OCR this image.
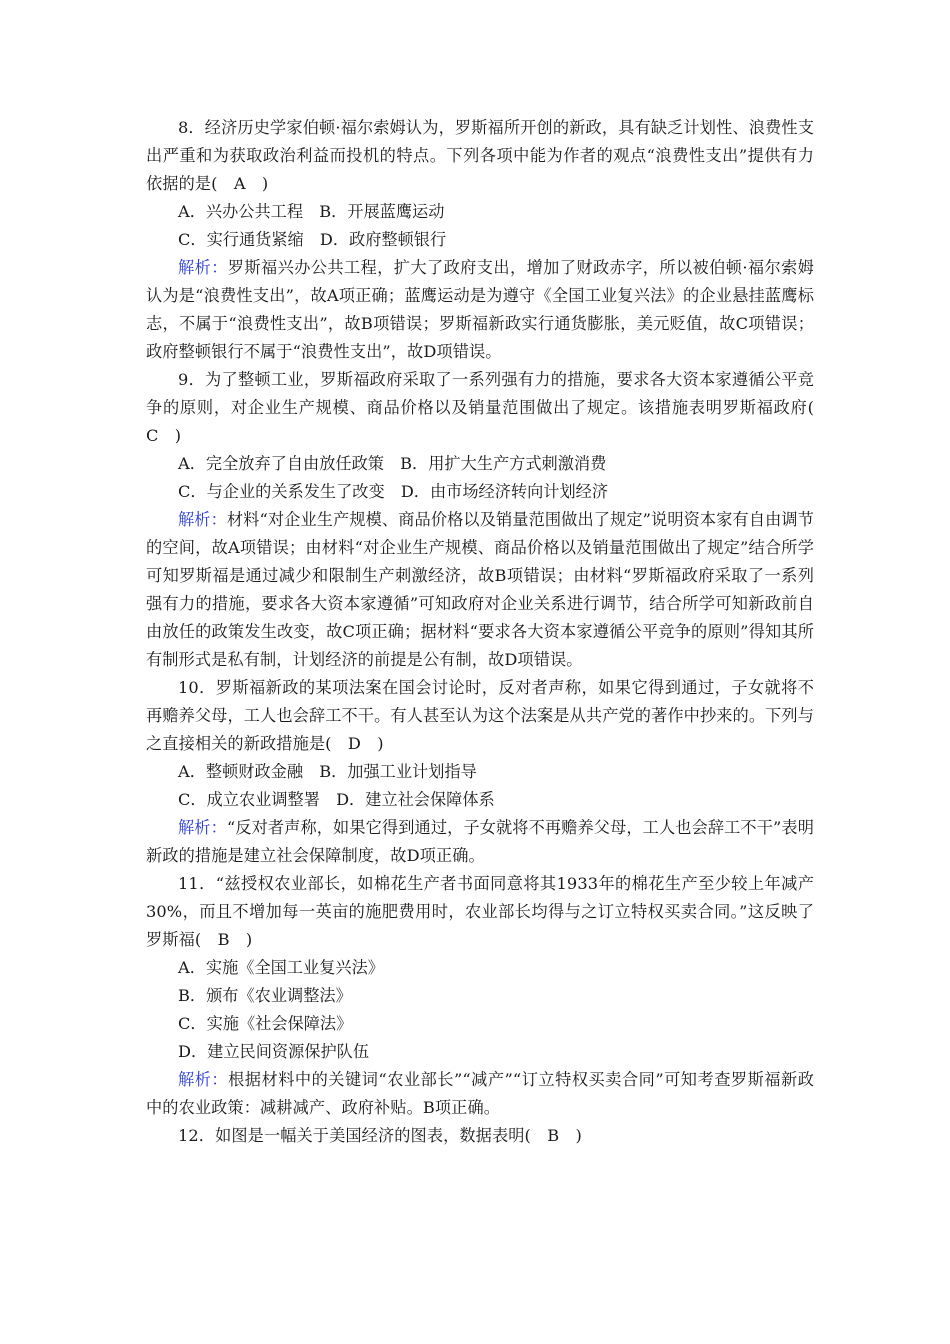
8．经济历史学家伯顿·福尔索姆认为，罗斯福所开创的新政，具有缺乏计划性、浪费性支出严重和为获取政治利益而投机的特点。下列各项中能为作者的观点“浪费性支出”提供有力依据的是(　A　)

A．兴办公共工程　B．开展蓝鹰运动

C．实行通货紧缩　D．政府整顿银行

解析：罗斯福兴办公共工程，扩大了政府支出，增加了财政赤字，所以被伯顿·福尔索姆认为是“浪费性支出”，故A项正确；蓝鹰运动是为遵守《全国工业复兴法》的企业悬挂蓝鹰标志，不属于“浪费性支出”，故B项错误；罗斯福新政实行通货膨胀，美元贬值，故C项错误；政府整顿银行不属于“浪费性支出”，故D项错误。

9．为了整顿工业，罗斯福政府采取了一系列强有力的措施，要求各大资本家遵循公平竞争的原则，对企业生产规模、商品价格以及销量范围做出了规定。该措施表明罗斯福政府(　C　)

A．完全放弃了自由放任政策　B．用扩大生产方式刺激消费

C．与企业的关系发生了改变　D．由市场经济转向计划经济

解析：材料“对企业生产规模、商品价格以及销量范围做出了规定”说明资本家有自由调节的空间，故A项错误；由材料“对企业生产规模、商品价格以及销量范围做出了规定”结合所学可知罗斯福是通过减少和限制生产刺激经济，故B项错误；由材料“罗斯福政府采取了一系列强有力的措施，要求各大资本家遵循”可知政府对企业关系进行调节，结合所学可知新政前自由放任的政策发生改变，故C项正确；据材料“要求各大资本家遵循公平竞争的原则”得知其所有制形式是私有制，计划经济的前提是公有制，故D项错误。

10．罗斯福新政的某项法案在国会讨论时，反对者声称，如果它得到通过，子女就将不再赡养父母，工人也会辞工不干。有人甚至认为这个法案是从共产党的著作中抄来的。下列与之直接相关的新政措施是(　D　)

A．整顿财政金融　B．加强工业计划指导

C．成立农业调整署　D．建立社会保障体系

解析：“反对者声称，如果它得到通过，子女就将不再赡养父母，工人也会辞工不干”表明新政的措施是建立社会保障制度，故D项正确。

11．“兹授权农业部长，如棉花生产者书面同意将其1933年的棉花生产至少较上年减产30%，而且不增加每一英亩的施肥费用时，农业部长均得与之订立特权买卖合同。”这反映了罗斯福(　B　)

A．实施《全国工业复兴法》

B．颁布《农业调整法》

C．实施《社会保障法》

D．建立民间资源保护队伍

解析：根据材料中的关键词“农业部长”“减产”“订立特权买卖合同”可知考查罗斯福新政中的农业政策：减耕减产、政府补贴。B项正确。

12．如图是一幅关于美国经济的图表，数据表明(　B　)
